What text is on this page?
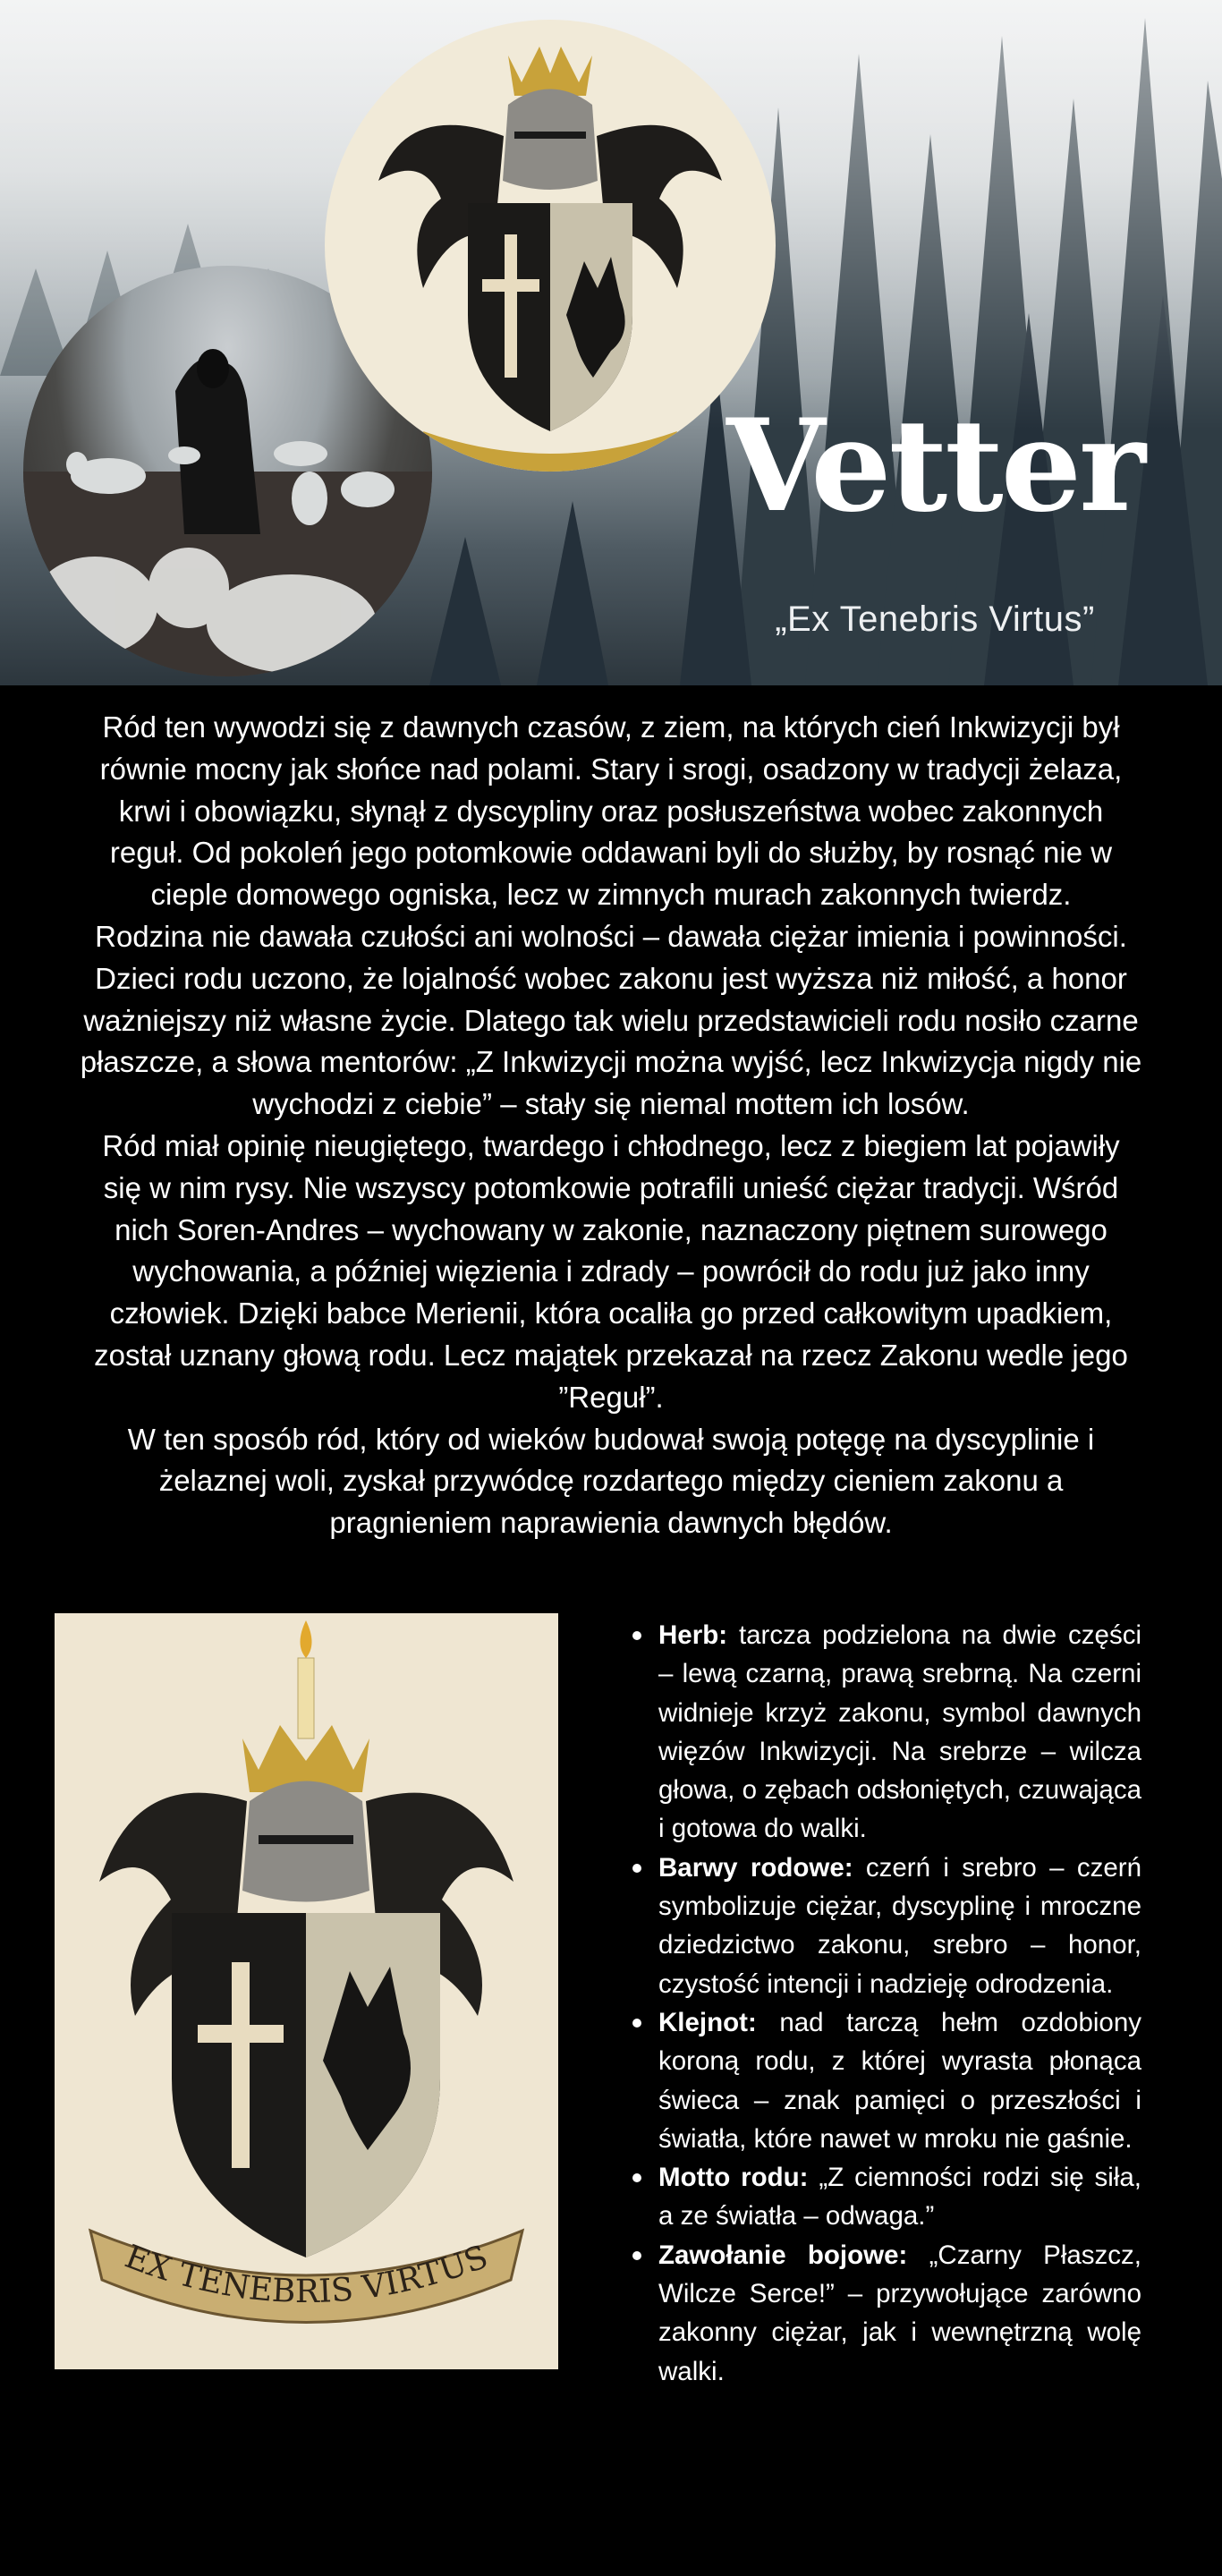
Vetter
„Ex Tenebris Virtus”
Ród ten wywodzi się z dawnych czasów, z ziem, na których cień Inkwizycji był
równie mocny jak słońce nad polami. Stary i srogi, osadzony w tradycji żelaza,
krwi i obowiązku, słynął z dyscypliny oraz posłuszeństwa wobec zakonnych
reguł. Od pokoleń jego potomkowie oddawani byli do służby, by rosnąć nie w
cieple domowego ogniska, lecz w zimnych murach zakonnych twierdz.
Rodzina nie dawała czułości ani wolności – dawała ciężar imienia i powinności.
Dzieci rodu uczono, że lojalność wobec zakonu jest wyższa niż miłość, a honor
ważniejszy niż własne życie. Dlatego tak wielu przedstawicieli rodu nosiło czarne
płaszcze, a słowa mentorów: „Z Inkwizycji można wyjść, lecz Inkwizycja nigdy nie
wychodzi z ciebie” – stały się niemal mottem ich losów.
Ród miał opinię nieugiętego, twardego i chłodnego, lecz z biegiem lat pojawiły
się w nim rysy. Nie wszyscy potomkowie potrafili unieść ciężar tradycji. Wśród
nich Soren-Andres – wychowany w zakonie, naznaczony piętnem surowego
wychowania, a później więzienia i zdrady – powrócił do rodu już jako inny
człowiek. Dzięki babce Merienii, która ocaliła go przed całkowitym upadkiem,
został uznany głową rodu. Lecz majątek przekazał na rzecz Zakonu wedle jego
”Reguł”.
W ten sposób ród, który od wieków budował swoją potęgę na dyscyplinie i
żelaznej woli, zyskał przywódcę rozdartego między cieniem zakonu a
pragnieniem naprawienia dawnych błędów.
EX TENEBRIS VIRTUS
Herb: tarcza podzielona na dwie części – lewą czarną, prawą srebrną. Na czerni widnieje krzyż zakonu, symbol dawnych więzów Inkwizycji. Na srebrze – wilcza głowa, o zębach odsłoniętych, czuwająca i gotowa do walki.
Barwy rodowe: czerń i srebro – czerń symbolizuje ciężar, dyscyplinę i mroczne dziedzictwo zakonu, srebro – honor, czystość intencji i nadzieję odrodzenia.
Klejnot: nad tarczą hełm ozdobiony koroną rodu, z której wyrasta płonąca świeca – znak pamięci o przeszłości i światła, które nawet w mroku nie gaśnie.
Motto rodu: „Z ciemności rodzi się siła, a ze światła – odwaga.”
Zawołanie bojowe: „Czarny Płaszcz, Wilcze Serce!” – przywołujące zarówno zakonny ciężar, jak i wewnętrzną wolę walki.
